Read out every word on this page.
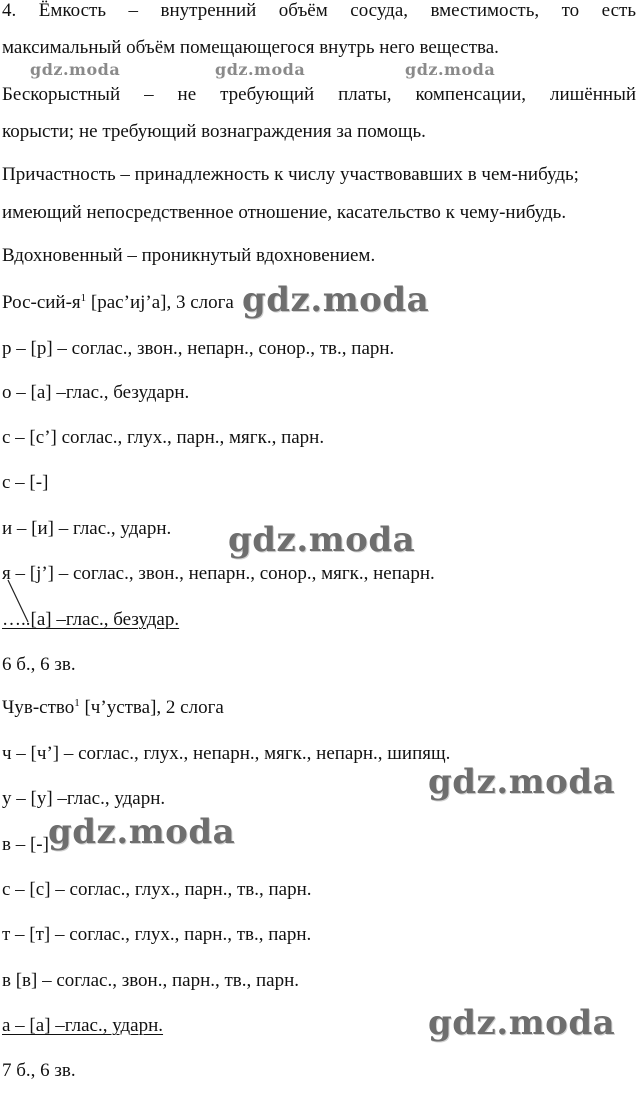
4. Ёмкость – внутренний объём сосуда, вместимость, то есть
максимальный объём помещающегося внутрь него вещества.
Бескорыстный – не требующий платы, компенсации, лишённый
корысти; не требующий вознаграждения за помощь.
Причастность – принадлежность к числу участвовавших в чем-нибудь;
имеющий непосредственное отношение, касательство к чему-нибудь.
Вдохновенный – проникнутый вдохновением.
Рос-$сий-я^1$ [рас’иj’а], 3 слога
р – [р] – соглас., звон., непарн., сонор., тв., парн.
о – [а] –глас., безударн.
с – [с’] соглас., глух., парн., мягк., парн.
с – [-]
и – [и] – глас., ударн.
я – [j’] – соглас., звон., непарн., сонор., мягк., непарн.
…..[а] –глас., безудар.
6 б., 6 зв.
Чув-ство$^1$ [ч’уства], 2 слога
ч – [ч’] – соглас., глух., непарн., мягк., непарн., шипящ.
у – [у] –глас., ударн.
в – [-]
с – [с] – соглас., глух., парн., тв., парн.
т – [т] – соглас., глух., парн., тв., парн.
в [в] – соглас., звон., парн., тв., парн.
а – [а] –глас., ударн.
7 б., 6 зв.
gdz.moda	gdz.moda	gdz.moda
gdz.moda
gdz.moda
gdz.moda
gdz.moda
gdz.moda
